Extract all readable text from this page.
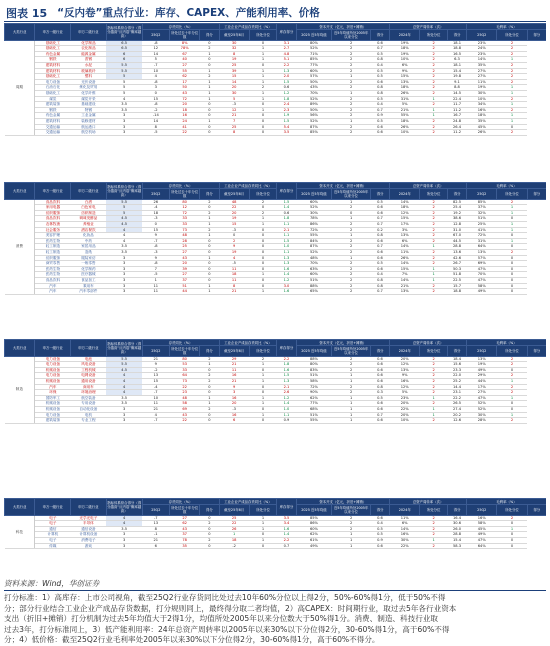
图表 15 “反内卷”重点行业：库存、CAPEX、产能利用率、价格
大类行业	申万一级行业	申万二级行业	指标体系综合得分（得分越高“反内卷”概率越高）	存货同比（%）			工业企业产成品存货同比（%）		库存得分	资本开支（亿元，折旧+摊销）			总资产周转率（次）			毛利率（%）		
				25Q2	所处过去十年分位数	得分	截至25年6月	所处分位		2025 近5年均值	近5年均值所处2005年以来分位	得分	2024年	所处分位	得分	25Q2	所处分位	得分
周期	基础化工	化学制品	6.5	-8	8%	0	30	0	3.1	80%	2	0.6	19%	2	18.1	23%	2	
	基础化工	农化制品	6.5	12	78%	2	32	1	2.7	52%	2	0.7	18%	2	18.8	24%	2	
	有色金属	能源金属	6	14	67	1	8	1	4.8	71%	2	0.5	19%	2	16.5	23%	2	
	钢铁	普钢	6	5	40	0	19	1	5.1	85%	2	0.8	10%	2	6.3	14%	1	
	建筑材料	水泥	5.5	-7	27	0	25	0	2.2	77%	2	0.4	6%	2	18.1	35%	2	
	建筑材料	玻璃玻纤	5.5	10	55	1	39	1	1.3	60%	2	0.5	9%	2	15.4	27%	2	
	基础化工	塑料	5	4	62	2	15	1	2.0	57%	1	0.5	15%	2	19.8	27%	2	
	电力设备	光伏设备	5	-8	17	1	14	1	1.5	50%	2	0.6	13%	2	9.1	11%	2	
	石油石化	炼化及贸易	5	3	50	1	20	2	0.6	43%	2	0.8	18%	2	8.8	19%	1	
	基础化工	化学纤维	5	0	43	1	30	1	1.2	70%	1	0.8	26%	2	14.5	30%	1	
	煤炭	煤炭开采	4	15	72	1	5	1	1.8	52%	2	0.5	31%	1	22.4	10%	2	
	建筑装饰	基础建设	3.5	-8	20	0	-3	0	2.4	89%	2	0.4	5%	2	11.7	34%	1	
	钢铁	特钢	3.5	-2	18	0	12	1	2.3	50%	2	0.7	21%	1	11.2	16%	2	
	有色金属	工业金属	3	-14	16	0	21	0	1.9	56%	2	0.9	55%	1	16.7	18%	1	
	建筑材料	装修建材	3	14	24	1	7	0	1.5	52%	1	0.5	18%	2	24.8	35%	1	
	交通运输	航运港口	3	8	41	0	25	0	5.4	87%	2	0.6	26%	2	26.4	45%	0	
	交通运输	航空机场	3	-5	22	0	8	0	3.5	85%	2	0.6	10%	2	11.2	26%	2	
大类行业	申万一级行业	申万二级行业	指标体系综合得分（得分越高“反内卷”概率越高）	存货同比（%）			工业企业产成品存货同比（%）		库存得分	资本开支（亿元，折旧+摊销）			总资产周转率（次）			毛利率（%）		
				25Q2	所处过去十年分位数	得分	截至25年6月	所处分位		2025 近5年均值	近5年均值所处2005年以来分位	得分	2024年	所处分位	得分	25Q2	所处分位	得分
消费	食品饮料	白酒	5.5	26	80	2	48	2	1.5	60%	1	0.5	14%	2	82.5	85%	2	
	家用电器	白色家电	5	-4	12	0	22	0	1.4	52%	2	0.6	18%	2	25.4	37%	1	
	纺织服饰	纺织制造	5	18	72	2	20	2	0.6	30%	0	0.6	12%	2	19.2	32%	1	
	食品饮料	调味发酵品	4.5	-3	33	1	19	1	1.8	78%	1	0.7	15%	2	38.6	51%	0	
	农林牧渔	养殖业	4.5	0	33	1	15	1	1.1	86%	2	0.7	17%	2	12.8	25%	1	
	社会服务	酒店餐饮	4	15	73	2	-3	0	2.1	72%	2	0.2	3%	2	31.0	41%	1	
	美容护理	化妆品	4	9	48	1	0	0	1.1	55%	1	0.8	13%	2	67.0	72%	0	
	医药生物	中药	4	-7	28	0	2	0	1.5	84%	2	0.6	6%	2	44.5	31%	1	
	轻工制造	家居用品	3.5	-8	25	0	9	0	1.0	87%	2	0.7	14%	1	28.8	64%	0	
	轻工制造	造纸	3.5	-3	27	0	19	0	1.1	52%	2	0.6	11%	2	13.6	13%	2	
	纺织服饰	服装家纺	3	9	43	1	4	0	1.3	48%	1	0.6	26%	2	42.6	57%	0	
	商贸零售	一般零售	3	-8	20	0	-5	0	1.3	70%	2	0.5	14%	2	26.7	69%	0	
	医药生物	化学制药	3	7	39	0	11	0	1.6	63%	2	0.6	15%	1	50.3	47%	0	
	医药生物	医疗器械	3	-5	27	0	18	1	1.4	60%	2	0.4	7%	1	51.8	70%	0	
	食品饮料	食品加工	3	1	37	0	11	0	1.2	51%	2	0.8	14%	1	22.5	47%	0	
	汽车	乘用车	3	11	51	1	8	0	3.0	88%	2	0.8	21%	2	15.7	58%	0	
	汽车	汽车零部件	3	11	44	1	21	1	1.6	65%	2	0.7	13%	2	18.8	49%	0	
大类行业	申万一级行业	申万二级行业	指标体系综合得分（得分越高“反内卷”概率越高）	存货同比（%）			工业企业产成品存货同比（%）		库存得分	资本开支（亿元，折旧+摊销）			总资产周转率（次）			毛利率（%）		
				25Q2	所处过去十年分位数	得分	截至25年6月	所处分位		2025 近5年均值	近5年均值所处2005年以来分位	得分	2024年	所处分位	得分	25Q2	所处分位	得分
制造	电力设备	电池	5.5	21	80	2	29	2	2.2	88%	2	0.6	20%	2	18.4	13%	2	
	电力设备	风电设备	5.5	9	53	1	21	1	1.8	80%	2	0.6	12%	2	15.6	19%	2	
	机械设备	工程机械	4.5	-2	33	0	11	0	1.6	83%	2	0.6	13%	2	23.3	49%	0	
	电力设备	电网设备	4	13	64	2	16	1	1.5	51%	1	0.6	9%	2	22.0	29%	2	
	机械设备	通用设备	4	15	73	2	21	1	1.3	58%	1	0.6	16%	2	25.2	44%	1	
	汽车	商用车	4	-4	22	0	9	0	2.1	72%	2	0.8	12%	2	14.4	17%	2	
	环保	环境治理	4	-7	23	0	3	0	2.6	90%	2	0.3	5%	2	23.1	27%	2	
	国防军工	航空装备	3.5	10	48	1	16	1	1.2	62%	1	0.5	23%	1	22.2	47%	1	
	机械设备	专用设备	3.5	11	58	1	20	1	1.4	77%	1	0.6	20%	2	26.5	52%	0	
	机械设备	自动化设备	3	21	69	2	-3	0	1.0	68%	1	0.6	22%	1	27.4	52%	0	
	电力设备	电机	3	4	43	0	16	1	1.1	51%	1	0.7	20%	1	20.2	30%	1	
	建筑装饰	专业工程	3	-7	22	0	6	0	0.9	55%	1	0.6	10%	2	12.6	28%	2	
大类行业	申万一级行业	申万二级行业	指标体系综合得分（得分越高“反内卷”概率越高）	存货同比（%）			工业企业产成品存货同比（%）		库存得分	资本开支（亿元，折旧+摊销）			总资产周转率（次）			毛利率（%）		
				25Q2	所处过去十年分位数	得分	截至25年6月	所处分位		2025 近5年均值	近5年均值所处2005年以来分位	得分	2024年	所处分位	得分	25Q2	所处分位	得分
科技	电子	光学光电子	4	-7	27	0	25	1	3.5	85%	2	0.6	11%	2	16.4	16%	2	
	电子	半导体	4	13	62	2	22	1	3.4	86%	2	0.4	6%	2	30.6	58%	0	
	通信	通信设备	3.5	8	43	0	26	1	1.6	60%	2	0.5	14%	2	26.0	45%	1	
	计算机	计算机设备	3	-1	37	0	1	0	1.4	62%	1	0.5	16%	2	28.8	49%	0	
	电子	消费电子	3	21	78	2	18	1	2.2	61%	1	0.9	30%	1	15.4	47%	0	
	传媒	游戏	3	6	35	0	-2	0	0.7	49%	1	0.6	22%	2	58.3	64%	0	
资料来源：Wind，华创证券
打分标准：1）高库存：上市公司视角，截至25Q2行业存货同比处过去10年60%分位以上得2分，50%-60%得1分，低于50%不得
分；部分行业结合工业企业产成品存货数据，打分规则同上，最终得分取二者均值，2）高CAPEX：时间期行业，取过去5年各行业资本
支出（折旧+摊销）打分机制为过去5年均值大于2得1分，均值所处2005年以来分位数大于50%得1分。消费、制造、科技行业取
过去3年，打分标准同上，3）低产能利用率：24年总资产周转率以2005年以来30%以下分位得2分，30-60%得1分，高于60%不得
分；4）低价格：截至25Q2行业毛利率处2005年以来30%以下分位得2分，30-60%得1分，高于60%不得分。
